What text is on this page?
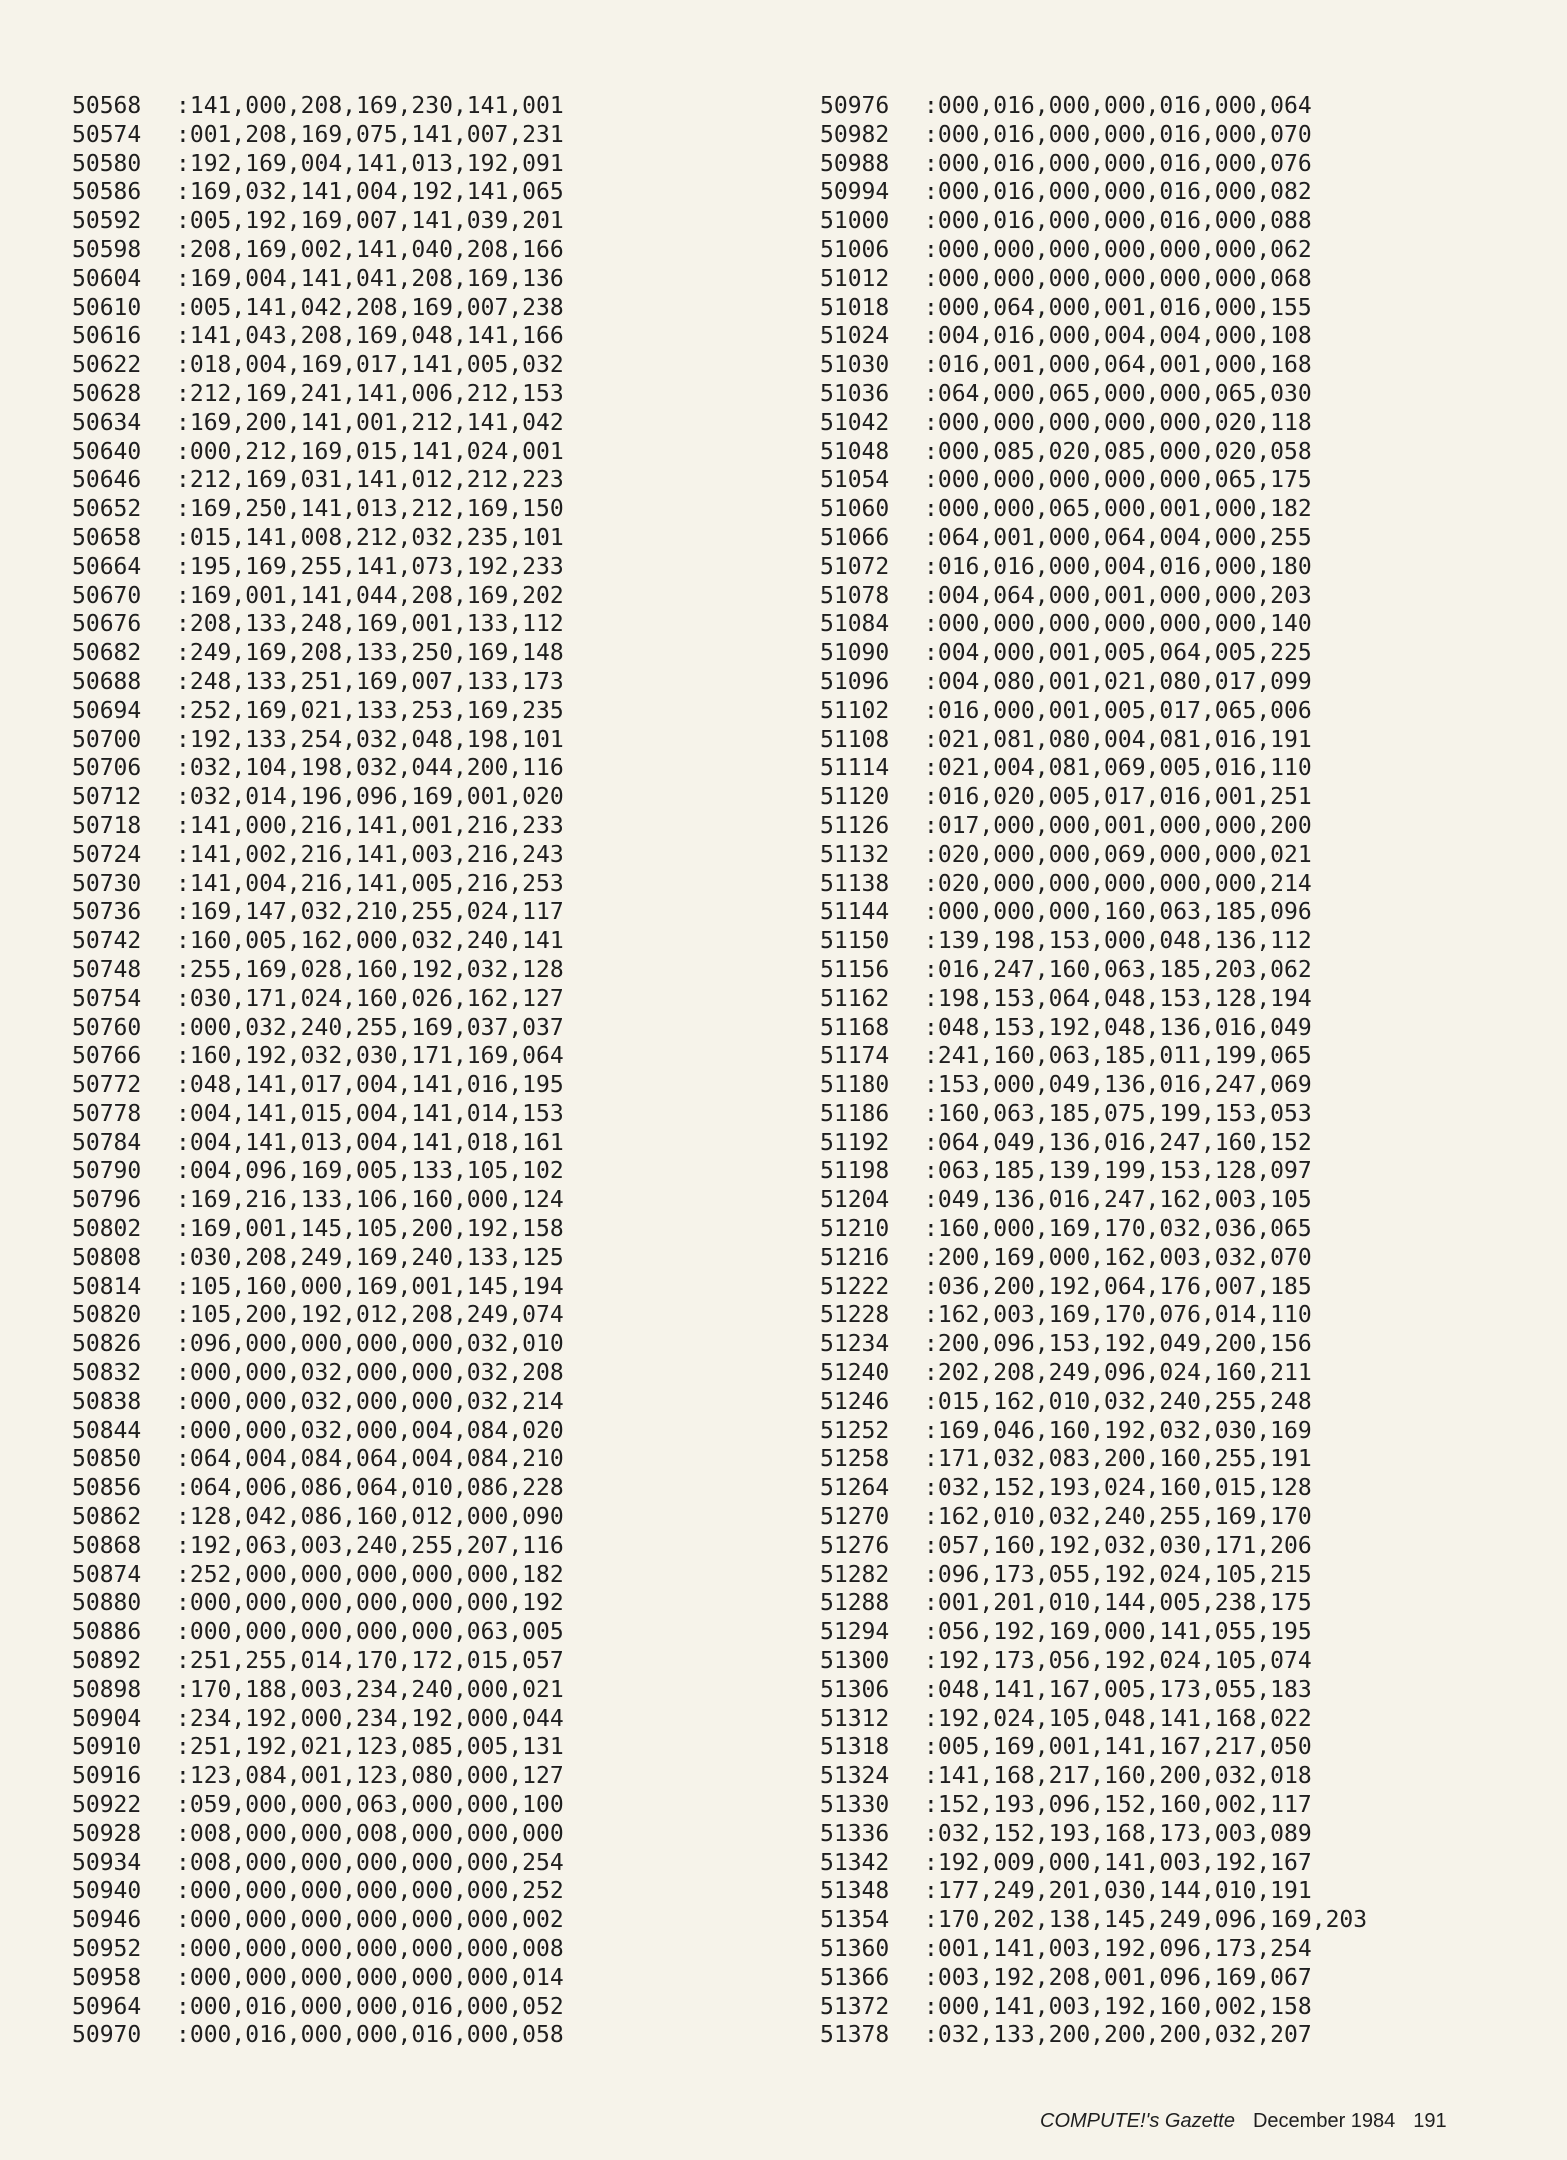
50568 :141,000,208,169,230,141,001
50574 :001,208,169,075,141,007,231
50580 :192,169,004,141,013,192,091
50586 :169,032,141,004,192,141,065
50592 :005,192,169,007,141,039,201
50598 :208,169,002,141,040,208,166
50604 :169,004,141,041,208,169,136
50610 :005,141,042,208,169,007,238
50616 :141,043,208,169,048,141,166
50622 :018,004,169,017,141,005,032
50628 :212,169,241,141,006,212,153
50634 :169,200,141,001,212,141,042
50640 :000,212,169,015,141,024,001
50646 :212,169,031,141,012,212,223
50652 :169,250,141,013,212,169,150
50658 :015,141,008,212,032,235,101
50664 :195,169,255,141,073,192,233
50670 :169,001,141,044,208,169,202
50676 :208,133,248,169,001,133,112
50682 :249,169,208,133,250,169,148
50688 :248,133,251,169,007,133,173
50694 :252,169,021,133,253,169,235
50700 :192,133,254,032,048,198,101
50706 :032,104,198,032,044,200,116
50712 :032,014,196,096,169,001,020
50718 :141,000,216,141,001,216,233
50724 :141,002,216,141,003,216,243
50730 :141,004,216,141,005,216,253
50736 :169,147,032,210,255,024,117
50742 :160,005,162,000,032,240,141
50748 :255,169,028,160,192,032,128
50754 :030,171,024,160,026,162,127
50760 :000,032,240,255,169,037,037
50766 :160,192,032,030,171,169,064
50772 :048,141,017,004,141,016,195
50778 :004,141,015,004,141,014,153
50784 :004,141,013,004,141,018,161
50790 :004,096,169,005,133,105,102
50796 :169,216,133,106,160,000,124
50802 :169,001,145,105,200,192,158
50808 :030,208,249,169,240,133,125
50814 :105,160,000,169,001,145,194
50820 :105,200,192,012,208,249,074
50826 :096,000,000,000,000,032,010
50832 :000,000,032,000,000,032,208
50838 :000,000,032,000,000,032,214
50844 :000,000,032,000,004,084,020
50850 :064,004,084,064,004,084,210
50856 :064,006,086,064,010,086,228
50862 :128,042,086,160,012,000,090
50868 :192,063,003,240,255,207,116
50874 :252,000,000,000,000,000,182
50880 :000,000,000,000,000,000,192
50886 :000,000,000,000,000,063,005
50892 :251,255,014,170,172,015,057
50898 :170,188,003,234,240,000,021
50904 :234,192,000,234,192,000,044
50910 :251,192,021,123,085,005,131
50916 :123,084,001,123,080,000,127
50922 :059,000,000,063,000,000,100
50928 :008,000,000,008,000,000,000
50934 :008,000,000,000,000,000,254
50940 :000,000,000,000,000,000,252
50946 :000,000,000,000,000,000,002
50952 :000,000,000,000,000,000,008
50958 :000,000,000,000,000,000,014
50964 :000,016,000,000,016,000,052
50970 :000,016,000,000,016,000,058
50976 :000,016,000,000,016,000,064
50982 :000,016,000,000,016,000,070
50988 :000,016,000,000,016,000,076
50994 :000,016,000,000,016,000,082
51000 :000,016,000,000,016,000,088
51006 :000,000,000,000,000,000,062
51012 :000,000,000,000,000,000,068
51018 :000,064,000,001,016,000,155
51024 :004,016,000,004,004,000,108
51030 :016,001,000,064,001,000,168
51036 :064,000,065,000,000,065,030
51042 :000,000,000,000,000,020,118
51048 :000,085,020,085,000,020,058
51054 :000,000,000,000,000,065,175
51060 :000,000,065,000,001,000,182
51066 :064,001,000,064,004,000,255
51072 :016,016,000,004,016,000,180
51078 :004,064,000,001,000,000,203
51084 :000,000,000,000,000,000,140
51090 :004,000,001,005,064,005,225
51096 :004,080,001,021,080,017,099
51102 :016,000,001,005,017,065,006
51108 :021,081,080,004,081,016,191
51114 :021,004,081,069,005,016,110
51120 :016,020,005,017,016,001,251
51126 :017,000,000,001,000,000,200
51132 :020,000,000,069,000,000,021
51138 :020,000,000,000,000,000,214
51144 :000,000,000,160,063,185,096
51150 :139,198,153,000,048,136,112
51156 :016,247,160,063,185,203,062
51162 :198,153,064,048,153,128,194
51168 :048,153,192,048,136,016,049
51174 :241,160,063,185,011,199,065
51180 :153,000,049,136,016,247,069
51186 :160,063,185,075,199,153,053
51192 :064,049,136,016,247,160,152
51198 :063,185,139,199,153,128,097
51204 :049,136,016,247,162,003,105
51210 :160,000,169,170,032,036,065
51216 :200,169,000,162,003,032,070
51222 :036,200,192,064,176,007,185
51228 :162,003,169,170,076,014,110
51234 :200,096,153,192,049,200,156
51240 :202,208,249,096,024,160,211
51246 :015,162,010,032,240,255,248
51252 :169,046,160,192,032,030,169
51258 :171,032,083,200,160,255,191
51264 :032,152,193,024,160,015,128
51270 :162,010,032,240,255,169,170
51276 :057,160,192,032,030,171,206
51282 :096,173,055,192,024,105,215
51288 :001,201,010,144,005,238,175
51294 :056,192,169,000,141,055,195
51300 :192,173,056,192,024,105,074
51306 :048,141,167,005,173,055,183
51312 :192,024,105,048,141,168,022
51318 :005,169,001,141,167,217,050
51324 :141,168,217,160,200,032,018
51330 :152,193,096,152,160,002,117
51336 :032,152,193,168,173,003,089
51342 :192,009,000,141,003,192,167
51348 :177,249,201,030,144,010,191
51354 :170,202,138,145,249,096,169,203
51360 :001,141,003,192,096,173,254
51366 :003,192,208,001,096,169,067
51372 :000,141,003,192,160,002,158
51378 :032,133,200,200,200,032,207
COMPUTE!'s Gazette December 1984 191
